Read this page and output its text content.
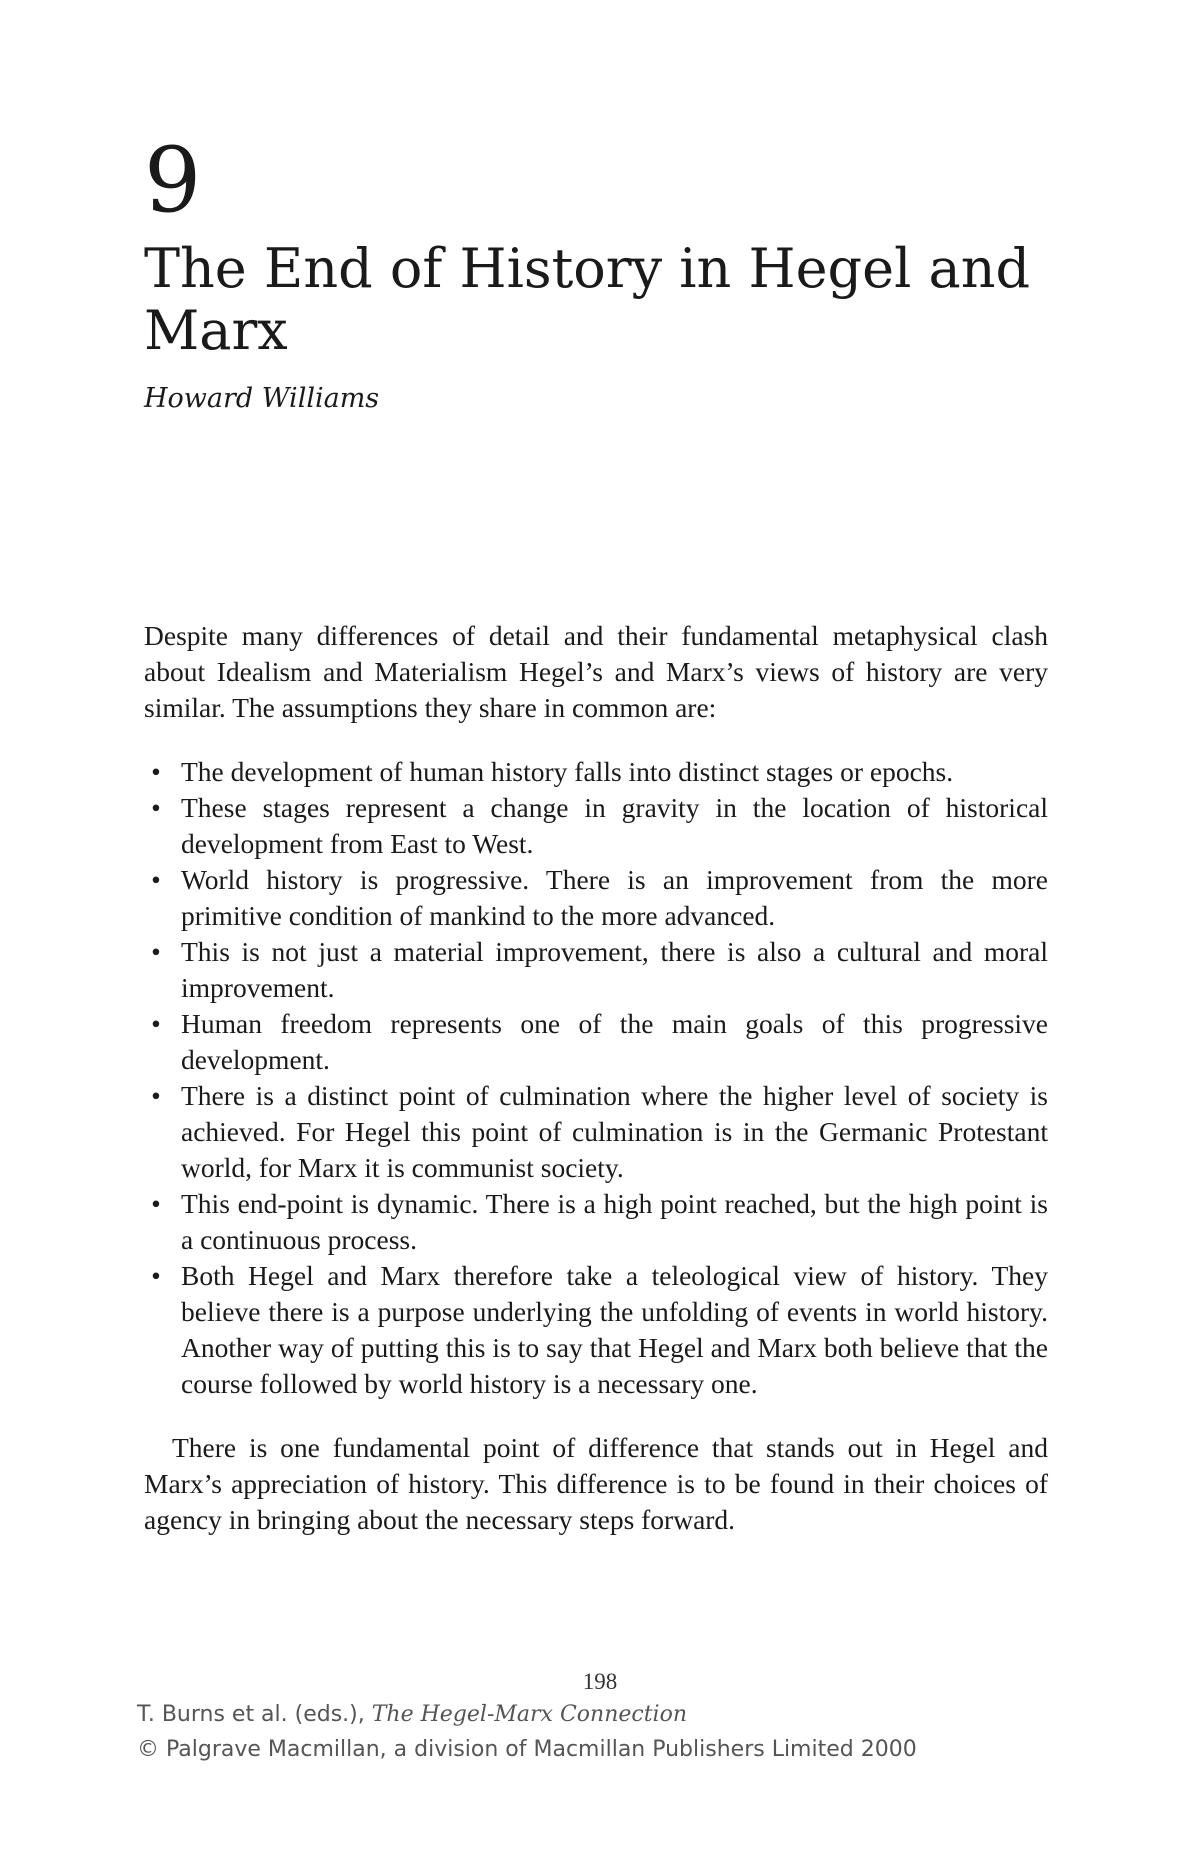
9
The End of History in Hegel and Marx

Howard Williams

Despite many differences of detail and their fundamental metaphysical clash about Idealism and Materialism Hegel’s and Marx’s views of history are very similar. The assumptions they share in common are:

• The development of human history falls into distinct stages or epochs.
• These stages represent a change in gravity in the location of historical development from East to West.
• World history is progressive. There is an improvement from the more primitive condition of mankind to the more advanced.
• This is not just a material improvement, there is also a cultural and moral improvement.
• Human freedom represents one of the main goals of this progressive development.
• There is a distinct point of culmination where the higher level of society is achieved. For Hegel this point of culmination is in the Germanic Protestant world, for Marx it is communist society.
• This end-point is dynamic. There is a high point reached, but the high point is a continuous process.
• Both Hegel and Marx therefore take a teleological view of history. They believe there is a purpose underlying the unfolding of events in world history. Another way of putting this is to say that Hegel and Marx both believe that the course followed by world history is a necessary one.

There is one fundamental point of difference that stands out in Hegel and Marx’s appreciation of history. This difference is to be found in their choices of agency in bringing about the necessary steps forward.

198
T. Burns et al. (eds.), The Hegel-Marx Connection
© Palgrave Macmillan, a division of Macmillan Publishers Limited 2000
